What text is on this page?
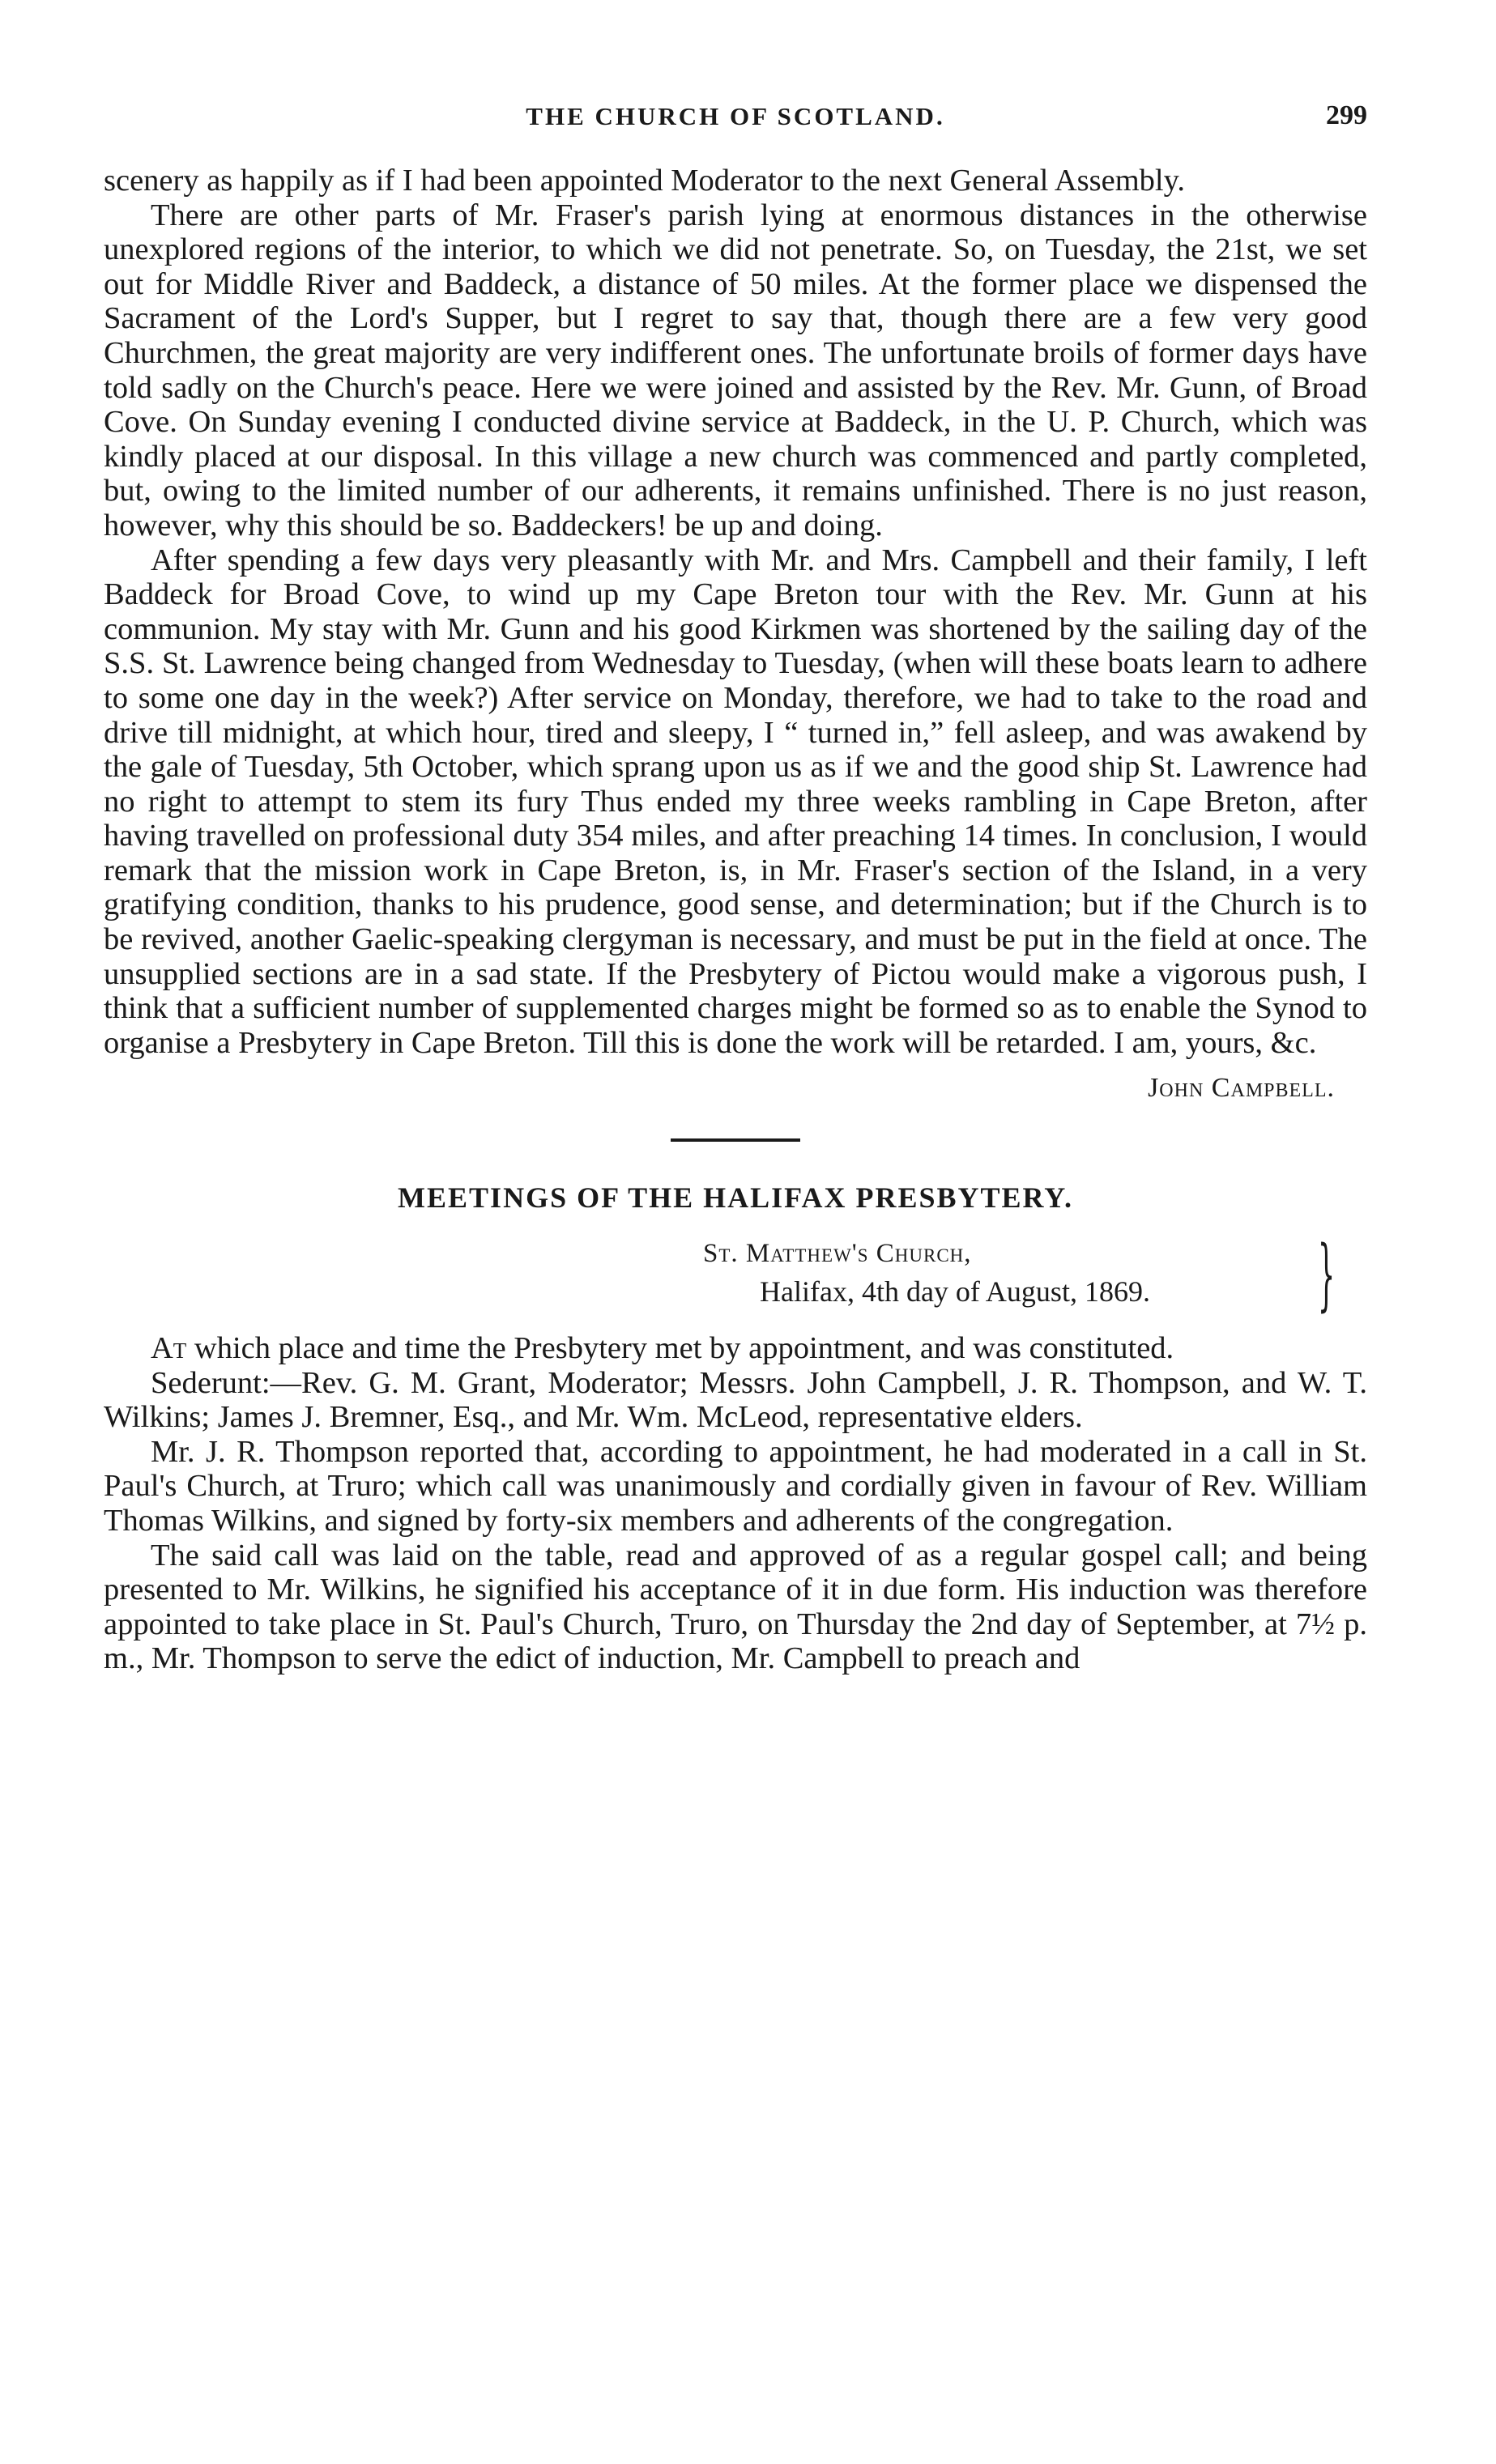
THE CHURCH OF SCOTLAND.	299

scenery as happily as if I had been appointed Moderator to the next General Assembly.

There are other parts of Mr. Fraser's parish lying at enormous distances in the otherwise unexplored regions of the interior, to which we did not penetrate. So, on Tuesday, the 21st, we set out for Middle River and Baddeck, a distance of 50 miles. At the former place we dispensed the Sacrament of the Lord's Supper, but I regret to say that, though there are a few very good Churchmen, the great majority are very indifferent ones. The unfortunate broils of former days have told sadly on the Church's peace. Here we were joined and assisted by the Rev. Mr. Gunn, of Broad Cove. On Sunday evening I conducted divine service at Baddeck, in the U. P. Church, which was kindly placed at our disposal. In this village a new church was commenced and partly completed, but, owing to the limited number of our adherents, it remains unfinished. There is no just reason, however, why this should be so. Baddeckers! be up and doing.

After spending a few days very pleasantly with Mr. and Mrs. Campbell and their family, I left Baddeck for Broad Cove, to wind up my Cape Breton tour with the Rev. Mr. Gunn at his communion. My stay with Mr. Gunn and his good Kirkmen was shortened by the sailing day of the S.S. St. Lawrence being changed from Wednesday to Tuesday, (when will these boats learn to adhere to some one day in the week?) After service on Monday, therefore, we had to take to the road and drive till midnight, at which hour, tired and sleepy, I “ turned in,” fell asleep, and was awakend by the gale of Tuesday, 5th October, which sprang upon us as if we and the good ship St. Lawrence had no right to attempt to stem its fury Thus ended my three weeks rambling in Cape Breton, after having travelled on professional duty 354 miles, and after preaching 14 times. In conclusion, I would remark that the mission work in Cape Breton, is, in Mr. Fraser's section of the Island, in a very gratifying condition, thanks to his prudence, good sense, and determination; but if the Church is to be revived, another Gaelic-speaking clergyman is necessary, and must be put in the field at once. The unsupplied sections are in a sad state. If the Presbytery of Pictou would make a vigorous push, I think that a sufficient number of supplemented charges might be formed so as to enable the Synod to organise a Presbytery in Cape Breton. Till this is done the work will be retarded. I am, yours, &c.

John Campbell.
MEETINGS OF THE HALIFAX PRESBYTERY.
St. Matthew's Church,
Halifax, 4th day of August, 1869. }

At which place and time the Presbytery met by appointment, and was constituted.

Sederunt:—Rev. G. M. Grant, Moderator; Messrs. John Campbell, J. R. Thompson, and W. T. Wilkins; James J. Bremner, Esq., and Mr. Wm. McLeod, representative elders.

Mr. J. R. Thompson reported that, according to appointment, he had moderated in a call in St. Paul's Church, at Truro; which call was unanimously and cordially given in favour of Rev. William Thomas Wilkins, and signed by forty-six members and adherents of the congregation.

The said call was laid on the table, read and approved of as a regular gospel call; and being presented to Mr. Wilkins, he signified his acceptance of it in due form. His induction was therefore appointed to take place in St. Paul's Church, Truro, on Thursday the 2nd day of September, at 7½ p. m., Mr. Thompson to serve the edict of induction, Mr. Campbell to preach and
